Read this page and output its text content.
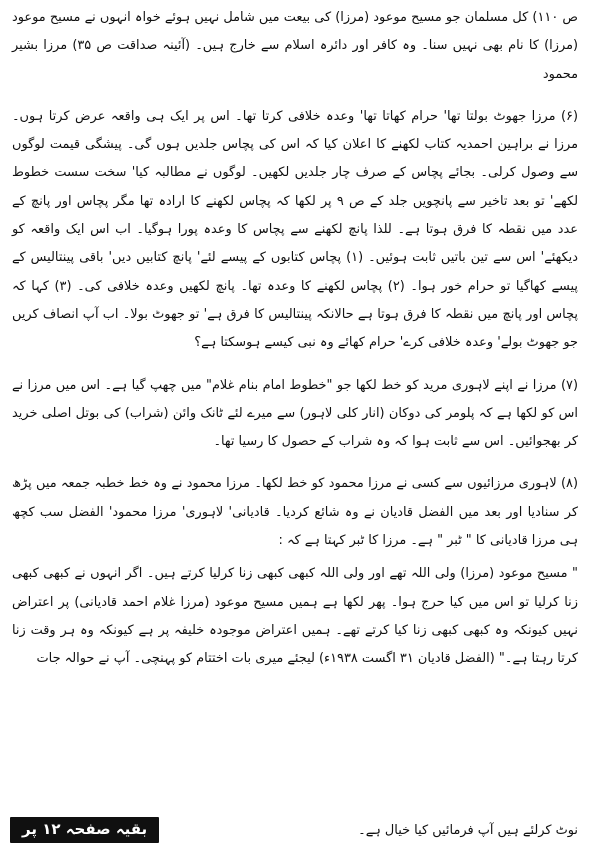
ص ۱۱۰) کل مسلمان جو مسیح موعود (مرزا) کی بیعت میں شامل نہیں ہوئے خواہ انہوں نے مسیح موعود (مرزا) کا نام بھی نہیں سنا۔ وہ کافر اور دائرہ اسلام سے خارج ہیں۔ (آئینہ صداقت ص ۳۵) مرزا بشیر محمود

(۶) مرزا جھوٹ بولتا تھا' حرام کھاتا تھا' وعدہ خلافی کرتا تھا۔ اس پر ایک ہی واقعہ عرض کرتا ہوں۔ مرزا نے براہین احمدیہ کتاب لکھنے کا اعلان کیا کہ اس کی پچاس جلدیں ہوں گی۔ پیشگی قیمت لوگوں سے وصول کرلی۔ بجائے پچاس کے صرف چار جلدیں لکھیں۔ لوگوں نے مطالبہ کیا' سخت سست خطوط لکھے' تو بعد تاخیر سے پانچویں جلد کے ص ۹ پر لکھا کہ پچاس لکھنے کا ارادہ تھا مگر پچاس اور پانچ کے عدد میں نقطہ کا فرق ہوتا ہے۔ للذا پانچ لکھنے سے پچاس کا وعدہ پورا ہوگیا۔ اب اس ایک واقعہ کو دیکھئے' اس سے تین باتیں ثابت ہوئیں۔ (۱) پچاس کتابوں کے پیسے لئے' پانچ کتابیں دیں' باقی پینتالیس کے پیسے کھاگیا تو حرام خور ہوا۔ (۲) پچاس لکھنے کا وعدہ تھا۔ پانچ لکھیں وعدہ خلافی کی۔ (۳) کہا کہ پچاس اور پانچ میں نقطہ کا فرق ہوتا ہے حالانکہ پینتالیس کا فرق ہے' تو جھوٹ بولا۔ اب آپ انصاف کریں جو جھوٹ بولے' وعدہ خلافی کرے' حرام کھائے وہ نبی کیسے ہوسکتا ہے؟

(۷) مرزا نے اپنے لاہوری مرید کو خط لکھا جو "خطوط امام بنام غلام" میں چھپ گیا ہے۔ اس میں مرزا نے اس کو لکھا ہے کہ پلومر کی دوکان (انار کلی لاہور) سے میرے لئے ٹانک وائن (شراب) کی بوتل اصلی خرید کر بھجوائیں۔ اس سے ثابت ہوا کہ وہ شراب کے حصول کا رسیا تھا۔

(۸) لاہوری مرزائیوں سے کسی نے مرزا محمود کو خط لکھا۔ مرزا محمود نے وہ خط خطبہ جمعہ میں پڑھ کر سنادیا اور بعد میں الفضل قادیان نے وہ شائع کردیا۔ قادیانی' لاہوری' مرزا محمود' الفضل سب کچھ ہی مرزا قادیانی کا " ٹبر " ہے۔ مرزا کا ٹبر کہتا ہے کہ :

" مسیح موعود (مرزا) ولی اللہ تھے اور ولی اللہ کبھی کبھی زنا کرلیا کرتے ہیں۔ اگر انہوں نے کبھی کبھی زنا کرلیا تو اس میں کیا حرج ہوا۔ پھر لکھا ہے ہمیں مسیح موعود (مرزا غلام احمد قادیانی) پر اعتراض نہیں کیونکہ وہ کبھی کبھی زنا کیا کرتے تھے۔ ہمیں اعتراض موجودہ خلیفہ پر ہے کیونکہ وہ ہر وقت زنا کرتا رہتا ہے۔" (الفضل قادیان ۳۱ اگست ۱۹۳۸ء) لیجئے میری بات اختتام کو پہنچی۔ آپ نے حوالہ جات

نوٹ کرلئے ہیں آپ فرمائیں کیا خیال ہے۔
بقیہ صفحہ ۱۲ پر
